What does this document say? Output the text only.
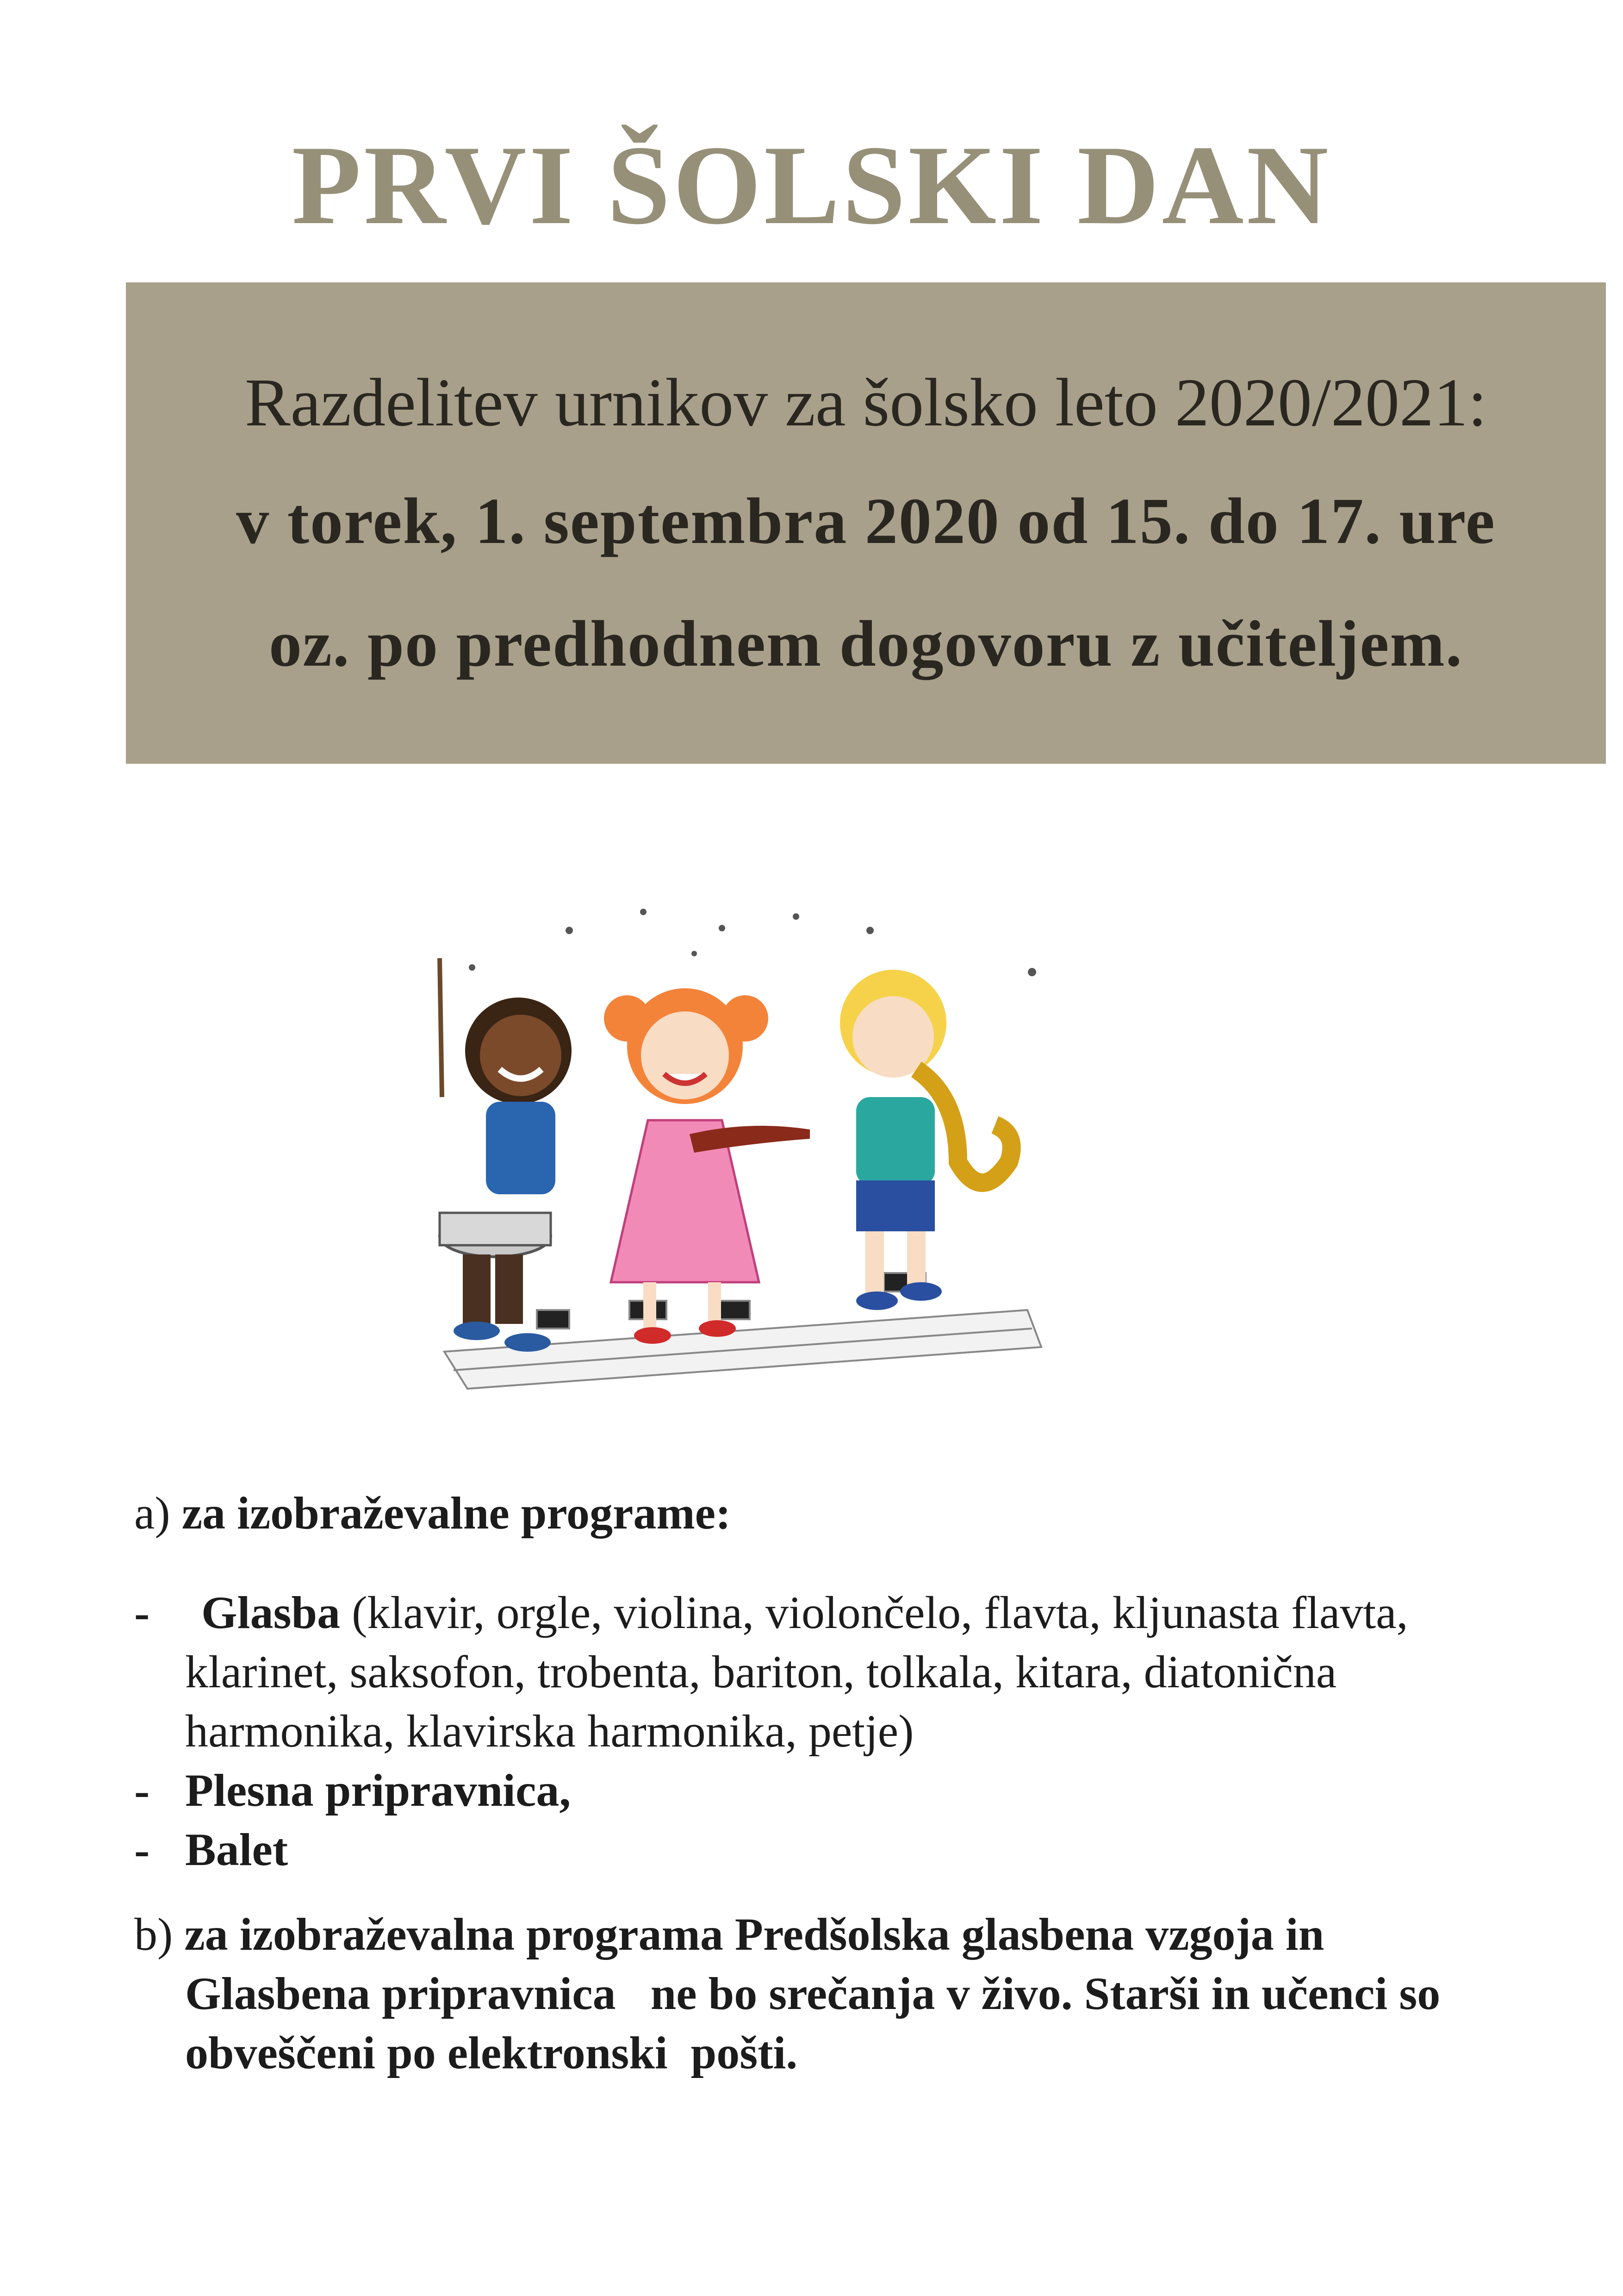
PRVI ŠOLSKI DAN
Razdelitev urnikov za šolsko leto 2020/2021:
v torek, 1. septembra 2020 od 15. do 17. ure
oz. po predhodnem dogovoru z učiteljem.
a) za izobraževalne programe:
-	Glasba (klavir, orgle, violina, violončelo, flavta, kljunasta flavta,
klarinet, saksofon, trobenta, bariton, tolkala, kitara, diatonična
harmonika, klavirska harmonika, petje)
- Plesna pripravnica,
- Balet
b) za izobraževalna programa Predšolska glasbena vzgoja in
Glasbena pripravnica   ne bo srečanja v živo. Starši in učenci so
obveščeni po elektronski  pošti.
